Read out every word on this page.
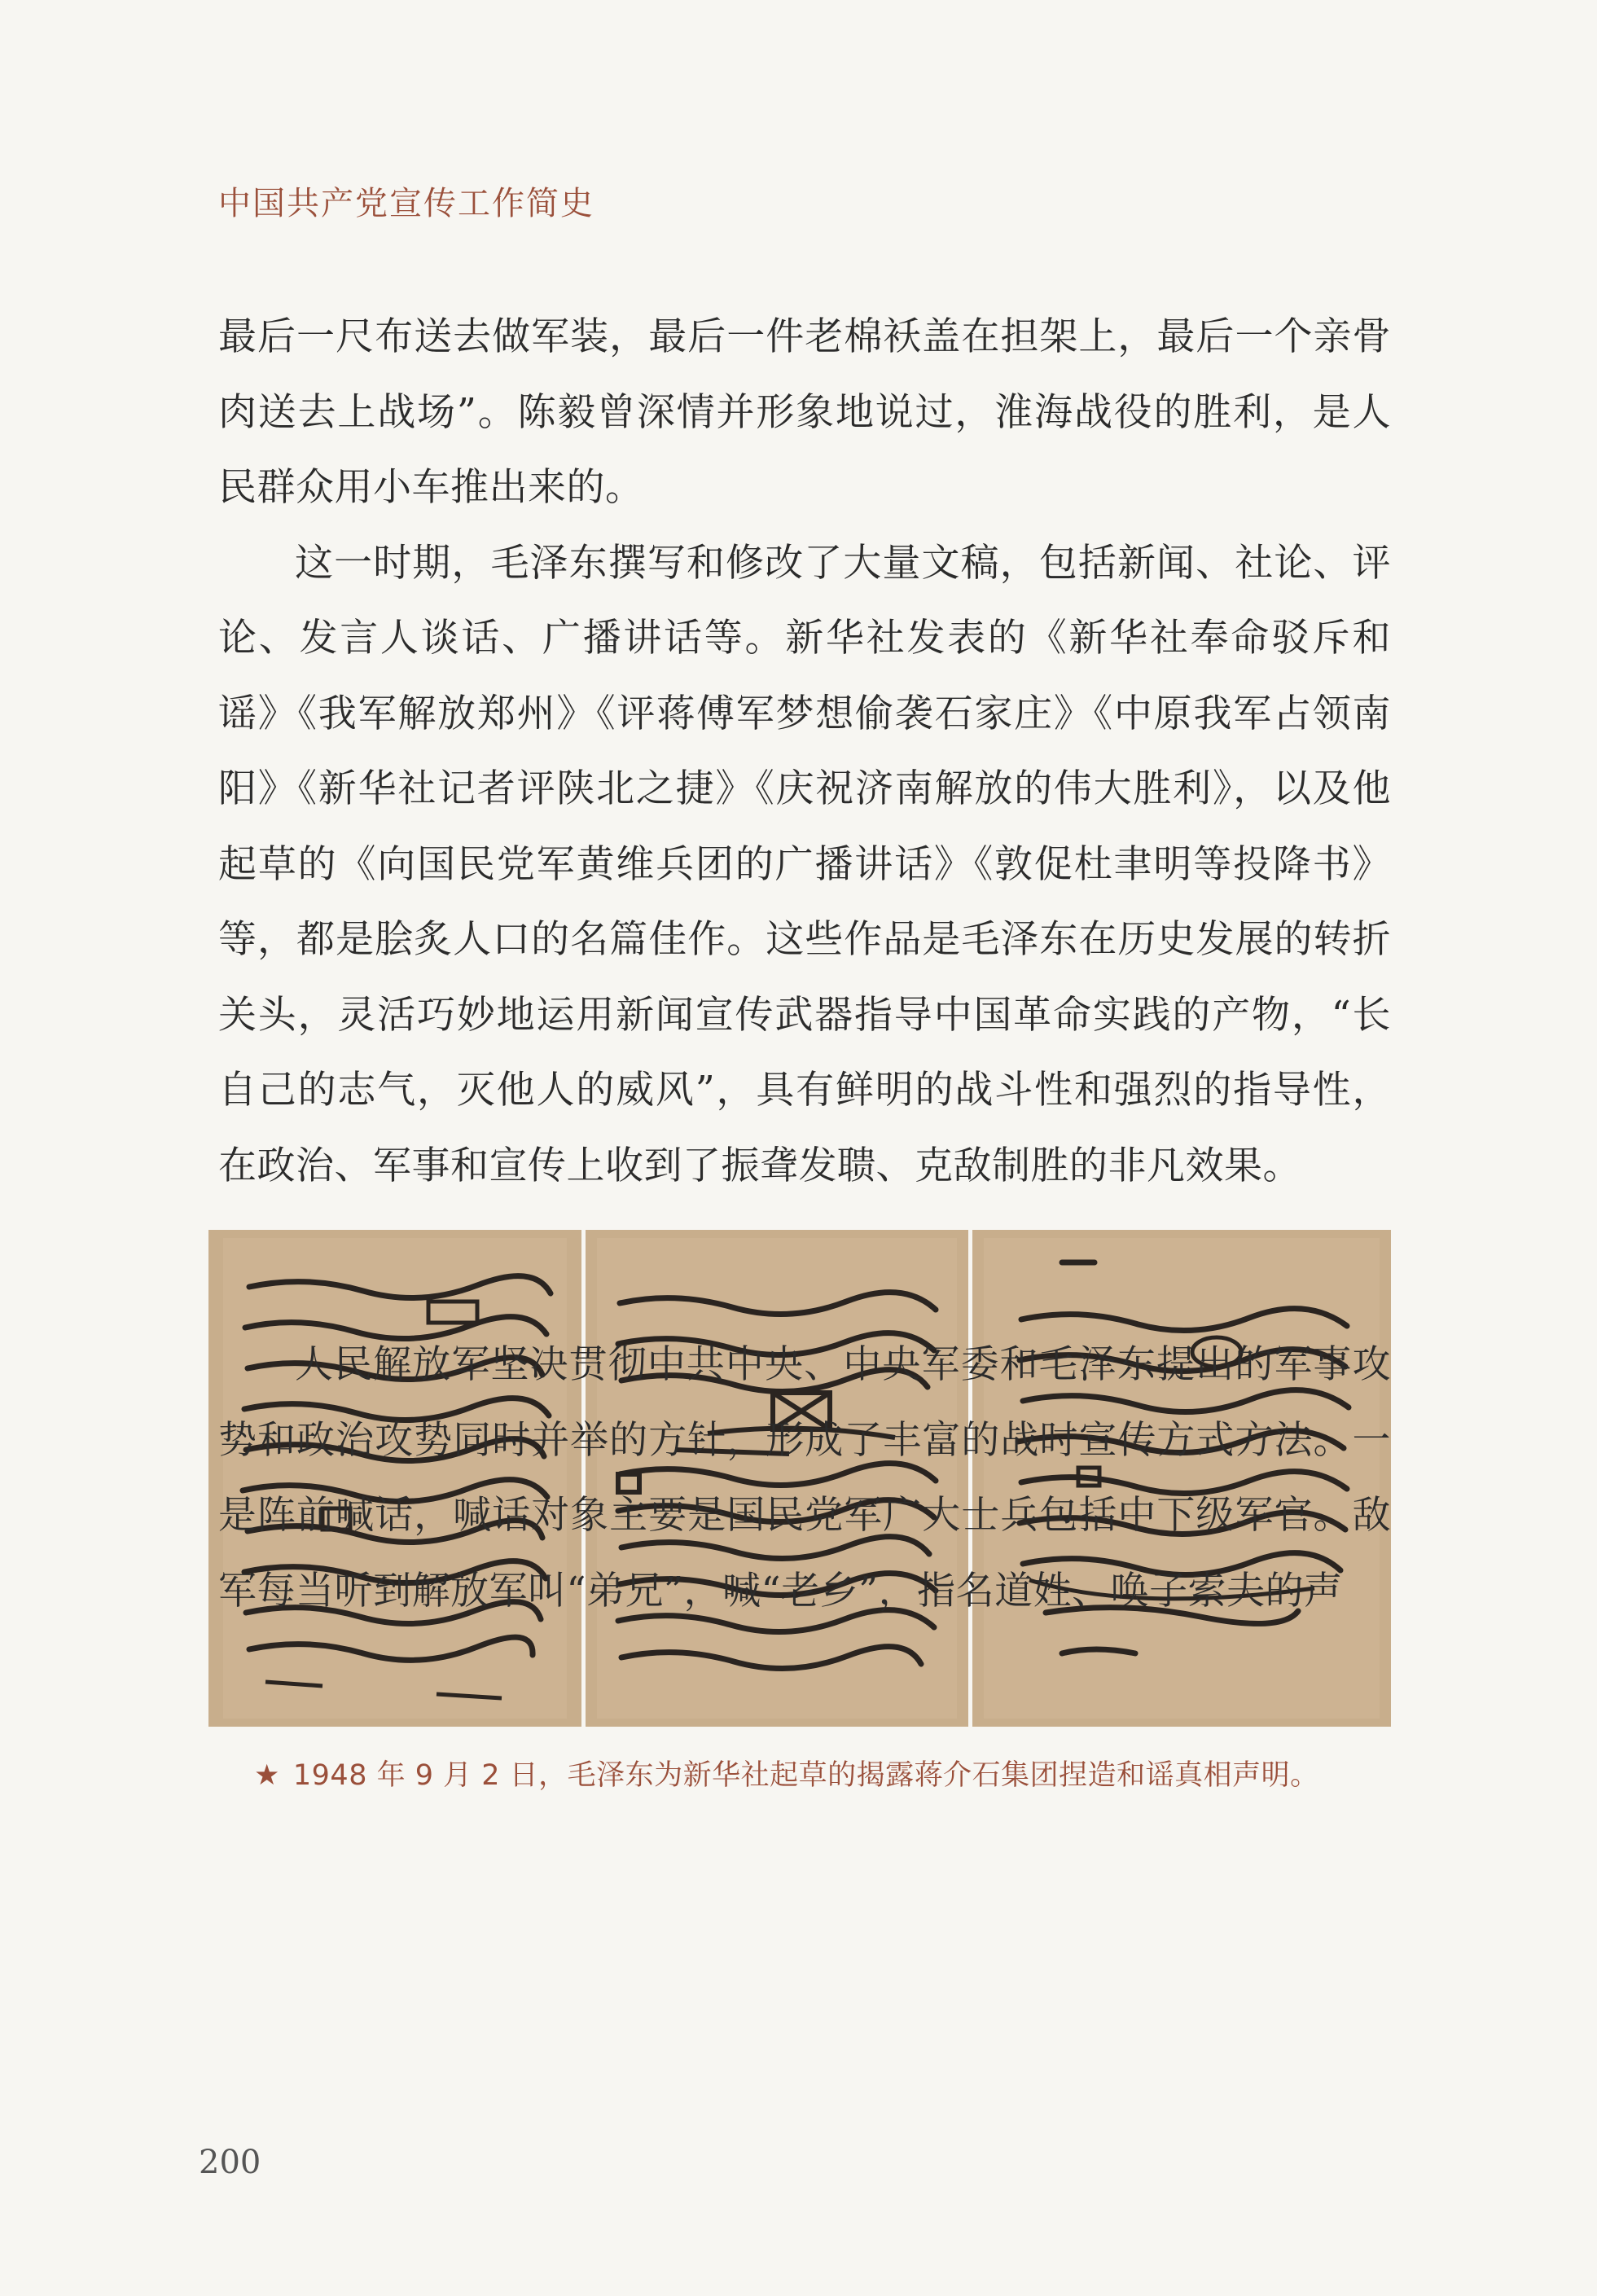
中国共产党宣传工作简史

最后一尺布送去做军装，最后一件老棉袄盖在担架上，最后一个亲骨肉送去上战场”。陈毅曾深情并形象地说过，淮海战役的胜利，是人民群众用小车推出来的。

这一时期，毛泽东撰写和修改了大量文稿，包括新闻、社论、评论、发言人谈话、广播讲话等。新华社发表的《新华社奉命驳斥和谣》《我军解放郑州》《评蒋傅军梦想偷袭石家庄》《中原我军占领南阳》《新华社记者评陕北之捷》《庆祝济南解放的伟大胜利》，以及他起草的《向国民党军黄维兵团的广播讲话》《敦促杜聿明等投降书》等，都是脍炙人口的名篇佳作。这些作品是毛泽东在历史发展的转折关头，灵活巧妙地运用新闻宣传武器指导中国革命实践的产物，“长自己的志气，灭他人的威风”，具有鲜明的战斗性和强烈的指导性，在政治、军事和宣传上收到了振聋发聩、克敌制胜的非凡效果。

★ 1948 年 9 月 2 日，毛泽东为新华社起草的揭露蒋介石集团捏造和谣真相声明。

人民解放军坚决贯彻中共中央、中央军委和毛泽东提出的军事攻势和政治攻势同时并举的方针，形成了丰富的战时宣传方式方法。一是阵前喊话，喊话对象主要是国民党军广大士兵包括中下级军官。敌军每当听到解放军叫“弟兄”，喊“老乡”，指名道姓、唤子索夫的声

200
